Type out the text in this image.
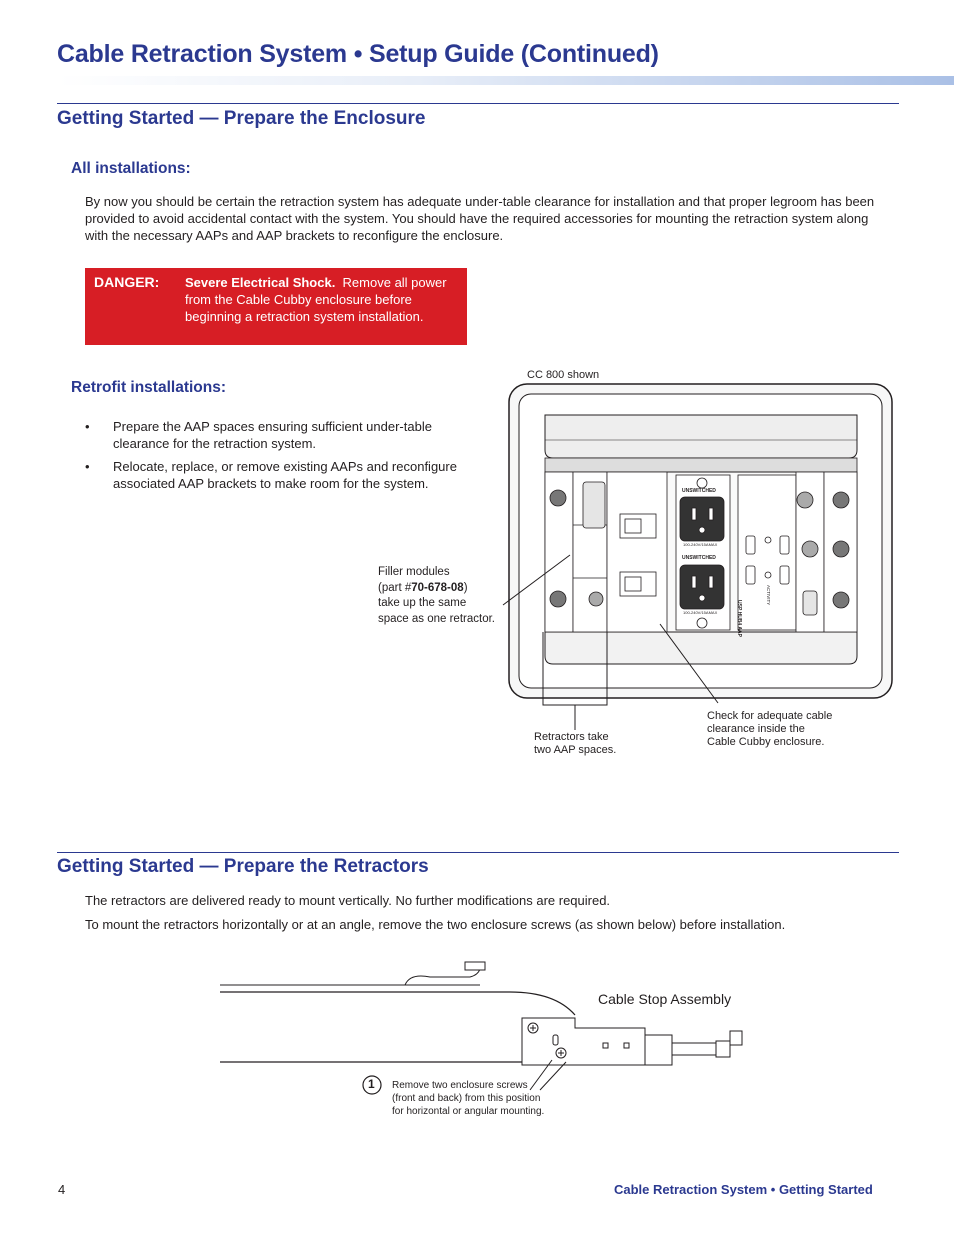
Cable Retraction System • Setup Guide (Continued)
Getting Started — Prepare the Enclosure
All installations:
By now you should be certain the retraction system has adequate under-table clearance for installation and that proper legroom has been provided to avoid accidental contact with the system. You should have the required accessories for mounting the retraction system along with the necessary AAPs and AAP brackets to reconfigure the enclosure.
DANGER: Severe Electrical Shock. Remove all power from the Cable Cubby enclosure before beginning a retraction system installation.
Retrofit installations:
• Prepare the AAP spaces ensuring sufficient under-table clearance for the retraction system.
• Relocate, replace, or remove existing AAPs and reconfigure associated AAP brackets to make room for the system.
CC 800 shown
Filler modules
(part #70-678-08)
take up the same
space as one retractor.
Retractors take
two AAP spaces.
Check for adequate cable
clearance inside the
Cable Cubby enclosure.
UNSWITCHED
100-240V/15AMAX
UNSWITCHED
100-240V/15AMAX	USP HUB4 AAP
ACTIVITY
Getting Started — Prepare the Retractors
The retractors are delivered ready to mount vertically. No further modifications are required.
To mount the retractors horizontally or at an angle, remove the two enclosure screws (as shown below) before installation.
Cable Stop Assembly
1 Remove two enclosure screws
(front and back) from this position
for horizontal or angular mounting.
4	Cable Retraction System • Getting Started
